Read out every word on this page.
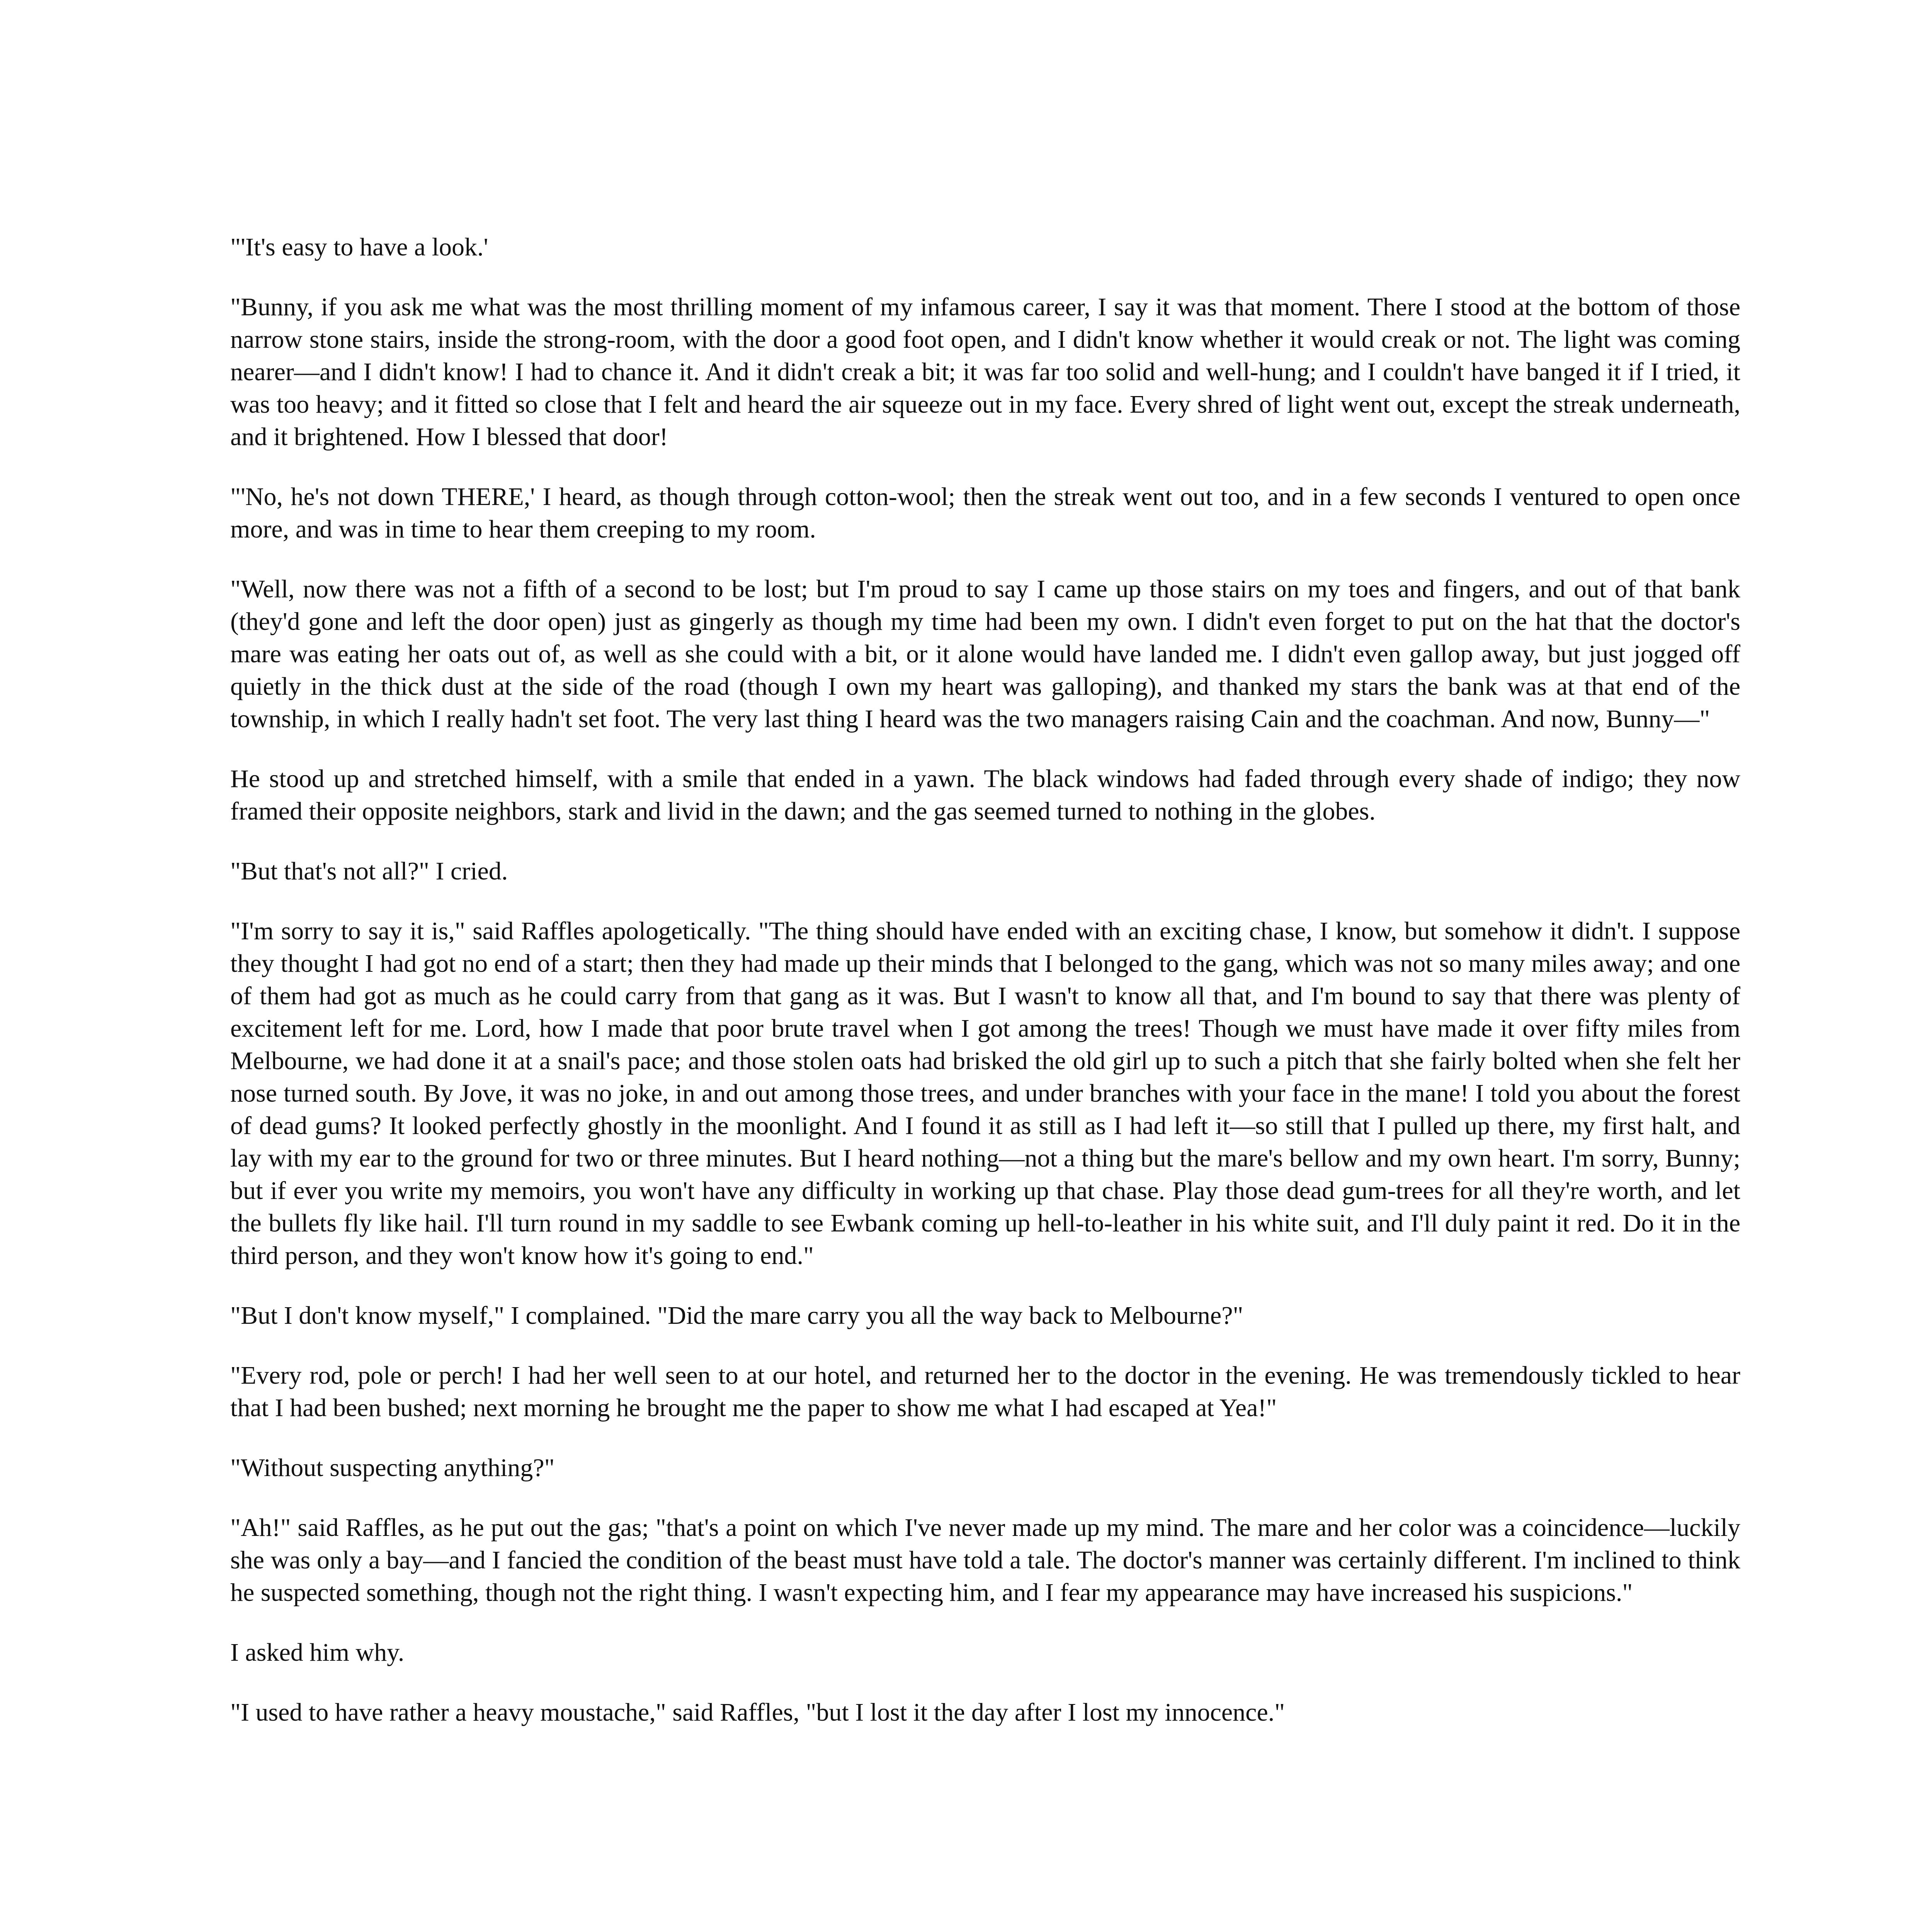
"'It's easy to have a look.'

"Bunny, if you ask me what was the most thrilling moment of my infamous career, I say it was that moment. There I stood at the bottom of those narrow stone stairs, inside the strong-room, with the door a good foot open, and I didn't know whether it would creak or not. The light was coming nearer—and I didn't know! I had to chance it. And it didn't creak a bit; it was far too solid and well-hung; and I couldn't have banged it if I tried, it was too heavy; and it fitted so close that I felt and heard the air squeeze out in my face. Every shred of light went out, except the streak underneath, and it brightened. How I blessed that door!

"'No, he's not down THERE,' I heard, as though through cotton-wool; then the streak went out too, and in a few seconds I ventured to open once more, and was in time to hear them creeping to my room.

"Well, now there was not a fifth of a second to be lost; but I'm proud to say I came up those stairs on my toes and fingers, and out of that bank (they'd gone and left the door open) just as gingerly as though my time had been my own. I didn't even forget to put on the hat that the doctor's mare was eating her oats out of, as well as she could with a bit, or it alone would have landed me. I didn't even gallop away, but just jogged off quietly in the thick dust at the side of the road (though I own my heart was galloping), and thanked my stars the bank was at that end of the township, in which I really hadn't set foot. The very last thing I heard was the two managers raising Cain and the coachman. And now, Bunny—"

He stood up and stretched himself, with a smile that ended in a yawn. The black windows had faded through every shade of indigo; they now framed their opposite neighbors, stark and livid in the dawn; and the gas seemed turned to nothing in the globes.

"But that's not all?" I cried.

"I'm sorry to say it is," said Raffles apologetically. "The thing should have ended with an exciting chase, I know, but somehow it didn't. I suppose they thought I had got no end of a start; then they had made up their minds that I belonged to the gang, which was not so many miles away; and one of them had got as much as he could carry from that gang as it was. But I wasn't to know all that, and I'm bound to say that there was plenty of excitement left for me. Lord, how I made that poor brute travel when I got among the trees! Though we must have made it over fifty miles from Melbourne, we had done it at a snail's pace; and those stolen oats had brisked the old girl up to such a pitch that she fairly bolted when she felt her nose turned south. By Jove, it was no joke, in and out among those trees, and under branches with your face in the mane! I told you about the forest of dead gums? It looked perfectly ghostly in the moonlight. And I found it as still as I had left it—so still that I pulled up there, my first halt, and lay with my ear to the ground for two or three minutes. But I heard nothing—not a thing but the mare's bellow and my own heart. I'm sorry, Bunny; but if ever you write my memoirs, you won't have any difficulty in working up that chase. Play those dead gum-trees for all they're worth, and let the bullets fly like hail. I'll turn round in my saddle to see Ewbank coming up hell-to-leather in his white suit, and I'll duly paint it red. Do it in the third person, and they won't know how it's going to end."

"But I don't know myself," I complained. "Did the mare carry you all the way back to Melbourne?"

"Every rod, pole or perch! I had her well seen to at our hotel, and returned her to the doctor in the evening. He was tremendously tickled to hear that I had been bushed; next morning he brought me the paper to show me what I had escaped at Yea!"

"Without suspecting anything?"

"Ah!" said Raffles, as he put out the gas; "that's a point on which I've never made up my mind. The mare and her color was a coincidence—luckily she was only a bay—and I fancied the condition of the beast must have told a tale. The doctor's manner was certainly different. I'm inclined to think he suspected something, though not the right thing. I wasn't expecting him, and I fear my appearance may have increased his suspicions."

I asked him why.

"I used to have rather a heavy moustache," said Raffles, "but I lost it the day after I lost my innocence."
